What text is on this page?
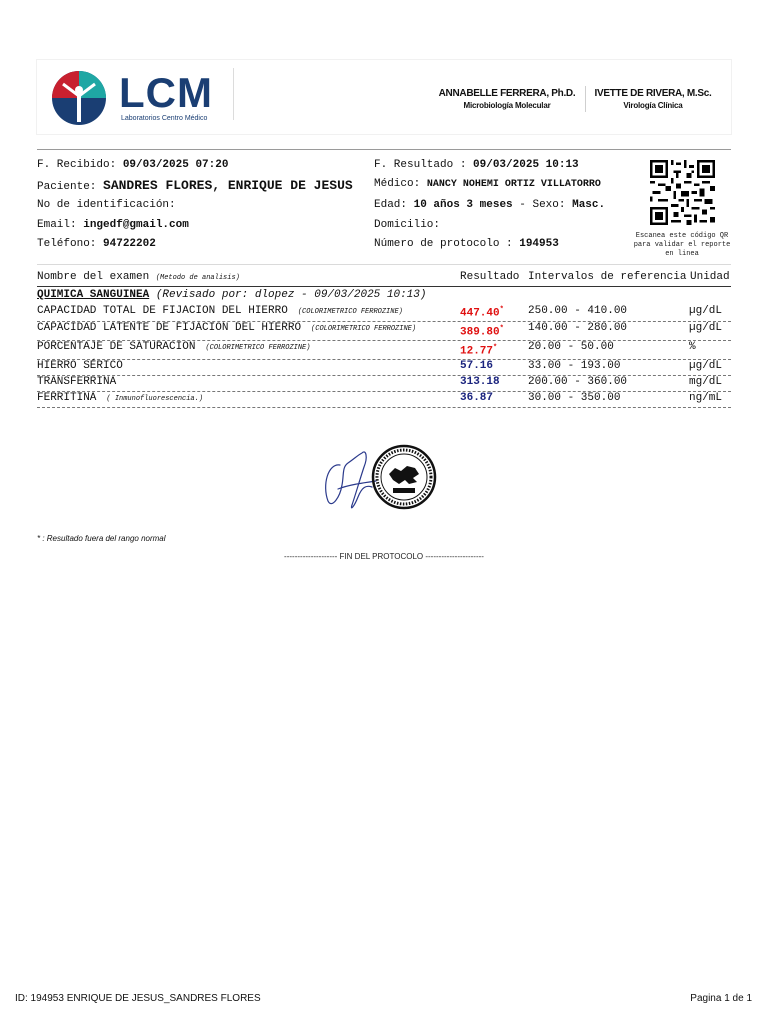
LCM
Laboratorios Centro Médico
ANNABELLE FERRERA, Ph.D.
Microbiología Molecular
IVETTE DE RIVERA, M.Sc.
Virología Clínica
F. Recibido: 09/03/2025 07:20	F. Resultado : 09/03/2025 10:13
Paciente: SANDRES FLORES, ENRIQUE DE JESUS Médico: NANCY NOHEMI ORTIZ VILLATORRO
No de identificación:	Edad: 10 años 3 meses - Sexo: Masc.
Email: ingedf@gmail.com	Domicilio:
Teléfono: 94722202	Número de protocolo : 194953
Escanea este código QR para validar el reporte en linea
Nombre del examen (Metodo de analisis)	Resultado Intervalos de referencia Unidad
QUIMICA SANGUINEA (Revisado por: dlopez - 09/03/2025 10:13)
CAPACIDAD TOTAL DE FIJACION DEL HIERRO (COLORIMETRICO FERROZINE)	447.40* 250.00 - 410.00	µg/dL
CAPACIDAD LATENTE DE FIJACION DEL HIERRO (COLORIMETRICO FERROZINE)	389.80* 140.00 - 280.00	µg/dL
PORCENTAJE DE SATURACION (COLORIMETRICO FERROZINE)	12.77*	20.00 - 50.00	%
HIERRO SÉRICO	57.16	33.00 - 193.00	µg/dL
TRANSFERRINA	313.18	200.00 - 360.00	mg/dL
FERRITINA ( Inmunofluorescencia.)	36.87	30.00 - 350.00	ng/mL
* : Resultado fuera del rango normal
-------------------- FIN DEL PROTOCOLO ----------------------
ID: 194953 ENRIQUE DE JESUS_SANDRES FLORES	Pagina 1 de 1
